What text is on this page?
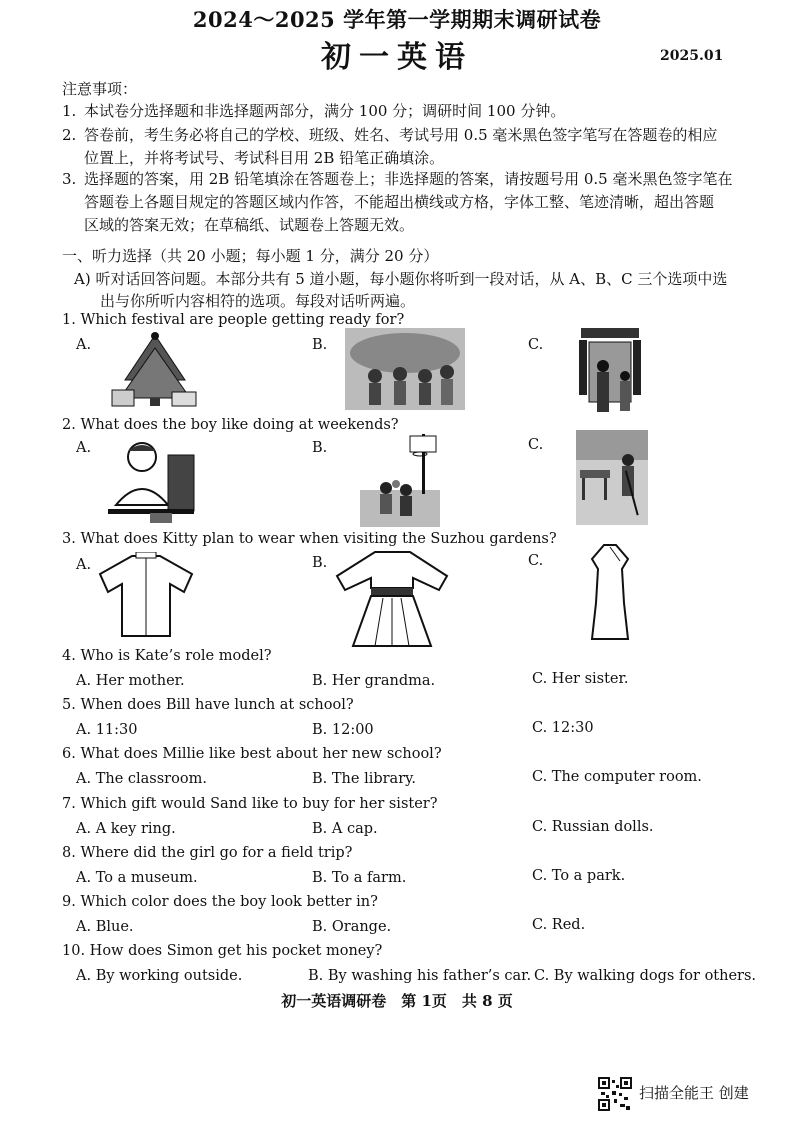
2024～2025 学年第一学期期末调研试卷
初一英语	2025.01
注意事项：
1. 本试卷分选择题和非选择题两部分，满分 100 分；调研时间 100 分钟。
2. 答卷前，考生务必将自己的学校、班级、姓名、考试号用 0.5 毫米黑色签字笔写在答题卷的相应
位置上，并将考试号、考试科目用 2B 铅笔正确填涂。
3. 选择题的答案，用 2B 铅笔填涂在答题卷上；非选择题的答案，请按题号用 0.5 毫米黑色签字笔在
答题卷上各题目规定的答题区域内作答，不能超出横线或方格，字体工整、笔迹清晰，超出答题
区域的答案无效；在草稿纸、试题卷上答题无效。
一、听力选择（共 20 小题；每小题 1 分，满分 20 分）
A) 听对话回答问题。本部分共有 5 道小题，每小题你将听到一段对话，从 A、B、C 三个选项中选
出与你所听内容相符的选项。每段对话听两遍。
1. Which festival are people getting ready for?
A.	B.	C.
2. What does the boy like doing at weekends?
A.	B.	C.
3. What does Kitty plan to wear when visiting the Suzhou gardens?
A.	B.	C.
4. Who is Kate’s role model?
A. Her mother.	B. Her grandma.	C. Her sister.
5. When does Bill have lunch at school?
A. 11:30	B. 12:00	C. 12:30
6. What does Millie like best about her new school?
A. The classroom.	B. The library.	C. The computer room.
7. Which gift would Sand like to buy for her sister?
A. A key ring.	B. A cap.	C. Russian dolls.
8. Where did the girl go for a field trip?
A. To a museum.	B. To a farm.	C. To a park.
9. Which color does the boy look better in?
A. Blue.	B. Orange.	C. Red.
10. How does Simon get his pocket money?
A. By working outside.	B. By washing his father’s car. C. By walking dogs for others.
初一英语调研卷　第 1页　共 8 页
扫描全能王 创建
